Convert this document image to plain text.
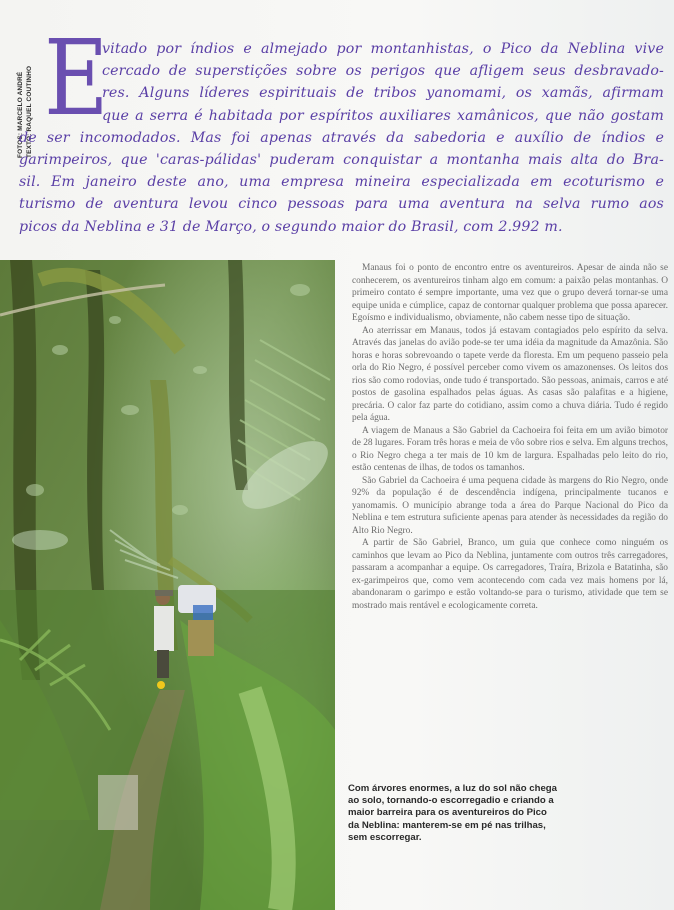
FOTOS: MARCELO ANDRÉ TEXTO: RAQUEL COUTINHO E
vitado por índios e almejado por montanhistas, o Pico da Neblina vive
cercado de superstições sobre os perigos que afligem seus desbravado-
res. Alguns líderes espirituais de tribos yanomami, os xamãs, afirmam
que a serra é habitada por espíritos auxiliares xamânicos, que não gostam
de ser incomodados. Mas foi apenas através da sabedoria e auxílio de índios e
garimpeiros, que 'caras-pálidas' puderam conquistar a montanha mais alta do Bra-
sil. Em janeiro deste ano, uma empresa mineira especializada em ecoturismo e
turismo de aventura levou cinco pessoas para uma aventura na selva rumo aos
picos da Neblina e 31 de Março, o segundo maior do Brasil, com 2.992 m.

Manaus foi o ponto de encontro entre os aventureiros. Apesar de ainda não se conhecerem, os aventureiros tinham algo em comum: a paixão pelas montanhas. O primeiro contato é sempre importante, uma vez que o grupo deverá tornar-se uma equipe unida e cúmplice, capaz de contornar qualquer problema que possa aparecer. Egoísmo e individualismo, obviamente, não cabem nesse tipo de situação.

Ao aterrissar em Manaus, todos já estavam contagiados pelo espírito da selva. Através das janelas do avião pode-se ter uma idéia da magnitude da Amazônia. São horas e horas sobrevoando o tapete verde da floresta. Em um pequeno passeio pela orla do Rio Negro, é possível perceber como vivem os amazonenses. Os leitos dos rios são como rodovias, onde tudo é transportado. São pessoas, animais, carros e até postos de gasolina espalhados pelas águas. As casas são palafitas e a higiene, precária. O calor faz parte do cotidiano, assim como a chuva diária. Tudo é regido pela água.

A viagem de Manaus a São Gabriel da Cachoeira foi feita em um avião bimotor de 28 lugares. Foram três horas e meia de vôo sobre rios e selva. Em alguns trechos, o Rio Negro chega a ter mais de 10 km de largura. Espalhadas pelo leito do rio, estão centenas de ilhas, de todos os tamanhos.

São Gabriel da Cachoeira é uma pequena cidade às margens do Rio Negro, onde 92% da população é de descendência indígena, principalmente tucanos e yanomamis. O município abrange toda a área do Parque Nacional do Pico da Neblina e tem estrutura suficiente apenas para atender às necessidades da região do Alto Rio Negro.

A partir de São Gabriel, Branco, um guia que conhece como ninguém os caminhos que levam ao Pico da Neblina, juntamente com outros três carregadores, passaram a acompanhar a equipe. Os carregadores, Traíra, Brizola e Batatinha, são ex-garimpeiros que, como vem acontecendo com cada vez mais homens por lá, abandonaram o garimpo e estão voltando-se para o turismo, atividade que tem se mostrado mais rentável e ecologicamente correta.

Com árvores enormes, a luz do sol não chega ao solo, tornando-o escorregadio e criando a maior barreira para os aventureiros do Pico da Neblina: manterem-se em pé nas trilhas, sem escorregar.
